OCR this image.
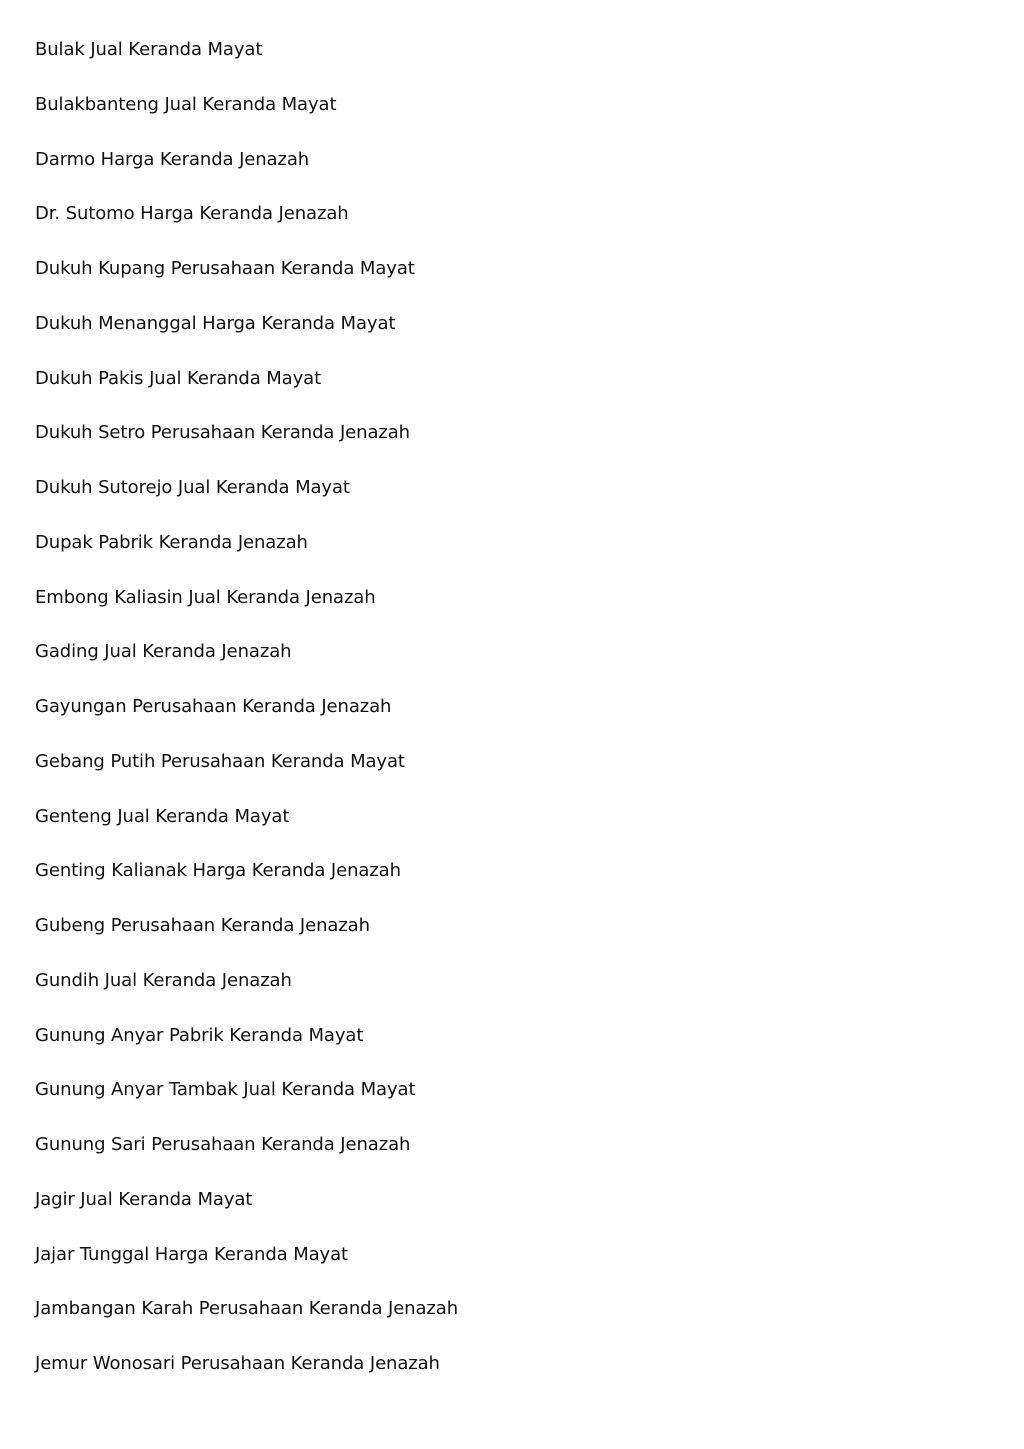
Bulak Jual Keranda Mayat
Bulakbanteng Jual Keranda Mayat
Darmo Harga Keranda Jenazah
Dr. Sutomo Harga Keranda Jenazah
Dukuh Kupang Perusahaan Keranda Mayat
Dukuh Menanggal Harga Keranda Mayat
Dukuh Pakis Jual Keranda Mayat
Dukuh Setro Perusahaan Keranda Jenazah
Dukuh Sutorejo Jual Keranda Mayat
Dupak Pabrik Keranda Jenazah
Embong Kaliasin Jual Keranda Jenazah
Gading Jual Keranda Jenazah
Gayungan Perusahaan Keranda Jenazah
Gebang Putih Perusahaan Keranda Mayat
Genteng Jual Keranda Mayat
Genting Kalianak Harga Keranda Jenazah
Gubeng Perusahaan Keranda Jenazah
Gundih Jual Keranda Jenazah
Gunung Anyar Pabrik Keranda Mayat
Gunung Anyar Tambak Jual Keranda Mayat
Gunung Sari Perusahaan Keranda Jenazah
Jagir Jual Keranda Mayat
Jajar Tunggal Harga Keranda Mayat
Jambangan Karah Perusahaan Keranda Jenazah
Jemur Wonosari Perusahaan Keranda Jenazah
